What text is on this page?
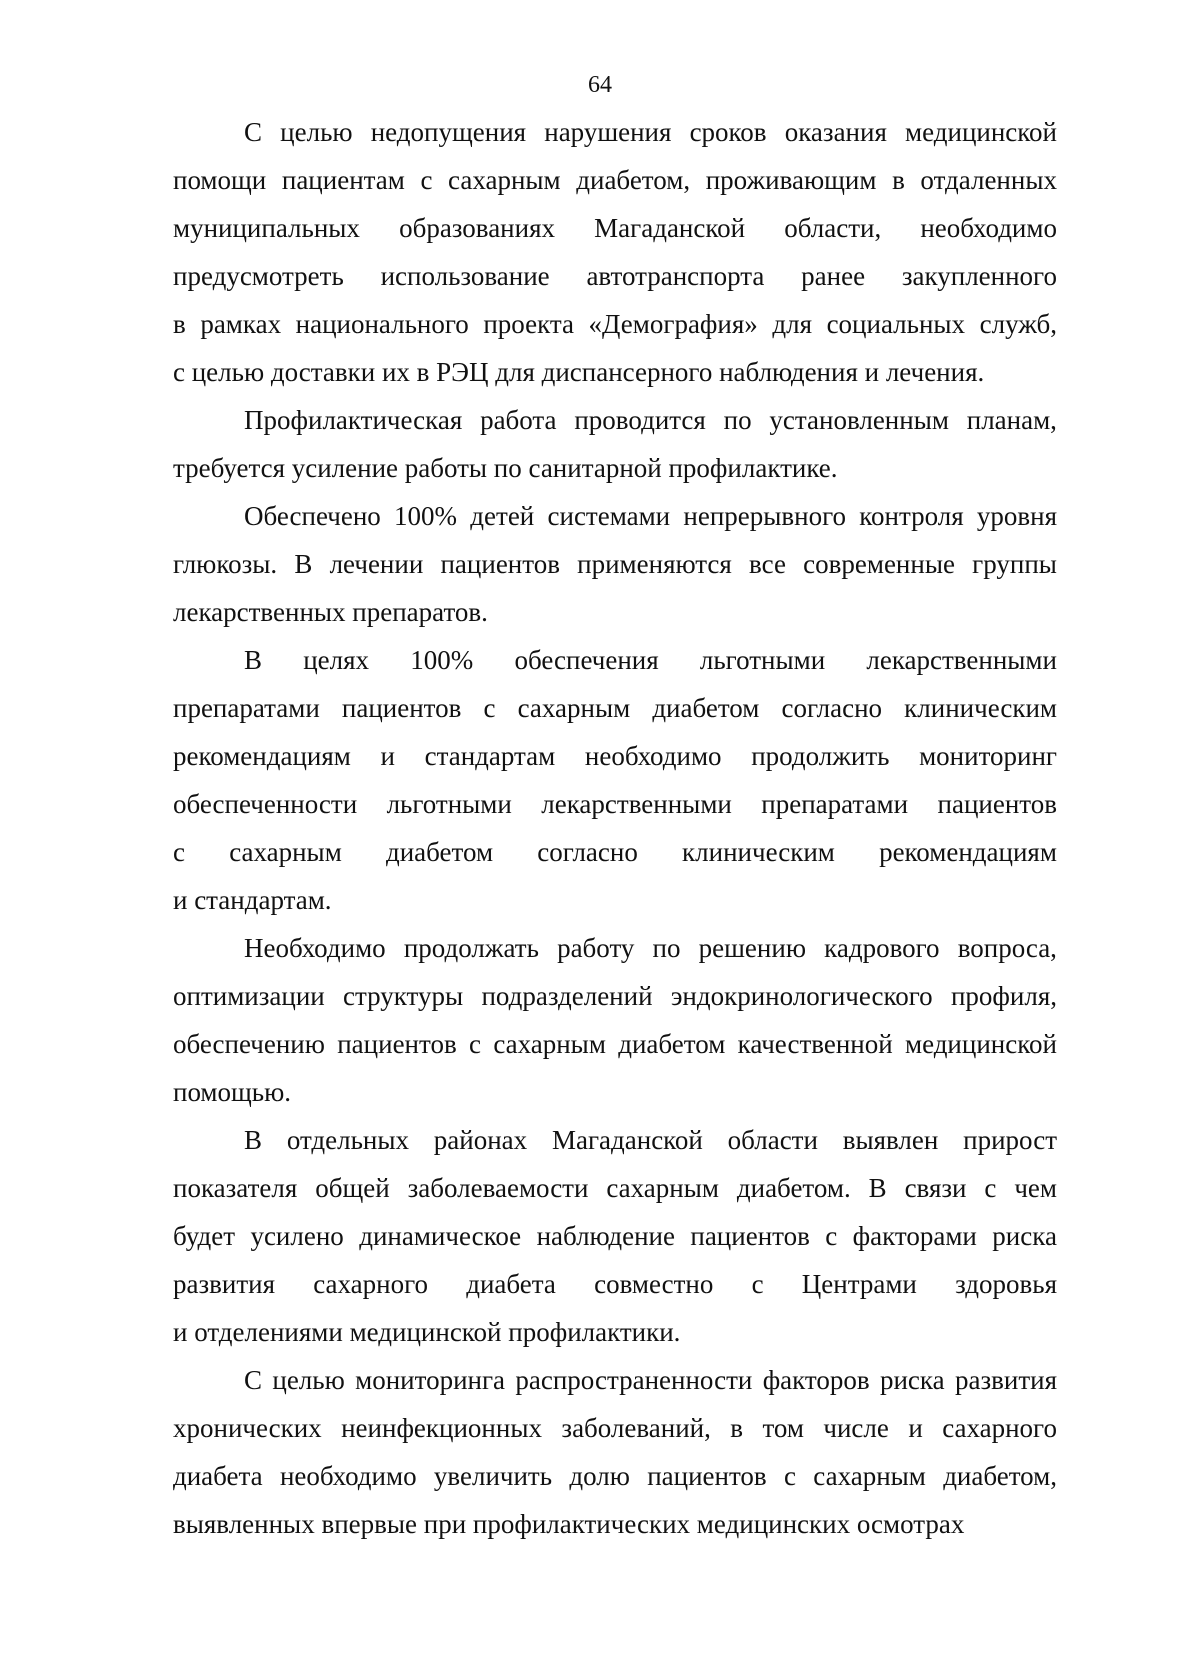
64
С целью недопущения нарушения сроков оказания медицинской
помощи пациентам с сахарным диабетом, проживающим в отдаленных
муниципальных образованиях Магаданской области, необходимо
предусмотреть использование автотранспорта ранее закупленного
в рамках национального проекта «Демография» для социальных служб,
с целью доставки их в РЭЦ для диспансерного наблюдения и лечения.
Профилактическая работа проводится по установленным планам,
требуется усиление работы по санитарной профилактике.
Обеспечено 100% детей системами непрерывного контроля уровня
глюкозы. В лечении пациентов применяются все современные группы
лекарственных препаратов.
В целях 100% обеспечения льготными лекарственными
препаратами пациентов с сахарным диабетом согласно клиническим
рекомендациям и стандартам необходимо продолжить мониторинг
обеспеченности льготными лекарственными препаратами пациентов
с сахарным диабетом согласно клиническим рекомендациям
и стандартам.
Необходимо продолжать работу по решению кадрового вопроса,
оптимизации структуры подразделений эндокринологического профиля,
обеспечению пациентов с сахарным диабетом качественной медицинской
помощью.
В отдельных районах Магаданской области выявлен прирост
показателя общей заболеваемости сахарным диабетом. В связи с чем
будет усилено динамическое наблюдение пациентов с факторами риска
развития сахарного диабета совместно с Центрами здоровья
и отделениями медицинской профилактики.
С целью мониторинга распространенности факторов риска развития
хронических неинфекционных заболеваний, в том числе и сахарного
диабета необходимо увеличить долю пациентов с сахарным диабетом,
выявленных впервые при профилактических медицинских осмотрах
